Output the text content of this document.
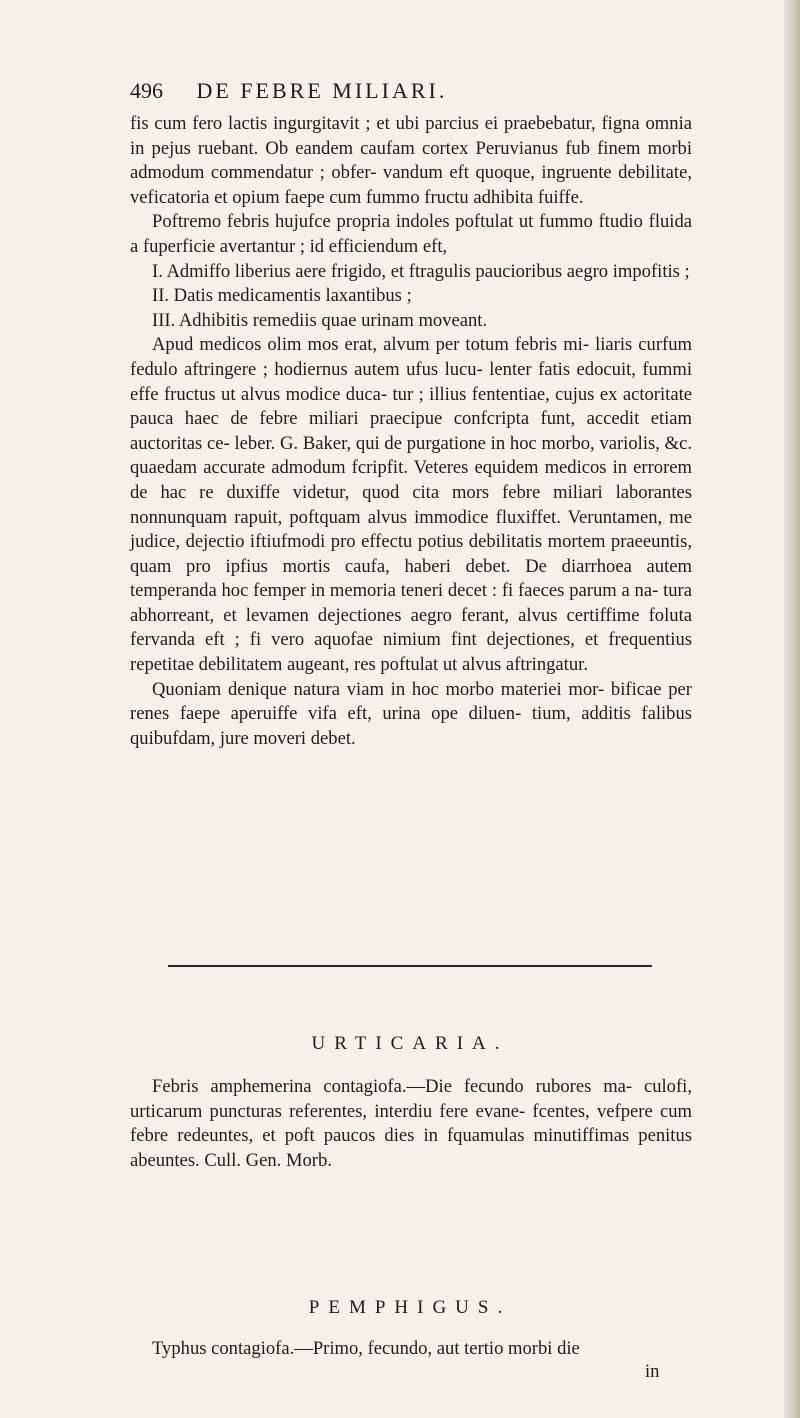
496 DE FEBRE MILIARI.

fis cum fero lactis ingurgitavit ; et ubi parcius ei praebebatur, figna omnia in pejus ruebant. Ob eandem caufam cortex Peruvianus fub finem morbi admodum commendatur ; obfer- vandum eft quoque, ingruente debilitate, veficatoria et opium faepe cum fummo fructu adhibita fuiffe.

Poftremo febris hujufce propria indoles poftulat ut fummo ftudio fluida a fuperficie avertantur ; id efficiendum eft,

I. Admiffo liberius aere frigido, et ftragulis paucioribus aegro impofitis ;

II. Datis medicamentis laxantibus ;

III. Adhibitis remediis quae urinam moveant.

Apud medicos olim mos erat, alvum per totum febris mi- liaris curfum fedulo aftringere ; hodiernus autem ufus lucu- lenter fatis edocuit, fummi effe fructus ut alvus modice duca- tur ; illius fententiae, cujus ex actoritate pauca haec de febre miliari praecipue confcripta funt, accedit etiam auctoritas ce- leber. G. Baker, qui de purgatione in hoc morbo, variolis, &c. quaedam accurate admodum fcripfit. Veteres equidem medicos in errorem de hac re duxiffe videtur, quod cita mors febre miliari laborantes nonnunquam rapuit, poftquam alvus immodice fluxiffet. Veruntamen, me judice, dejectio iftiufmodi pro effectu potius debilitatis mortem praeeuntis, quam pro ipfius mortis caufa, haberi debet. De diarrhoea autem temperanda hoc femper in memoria teneri decet : fi faeces parum a na- tura abhorreant, et levamen dejectiones aegro ferant, alvus certiffime foluta fervanda eft ; fi vero aquofae nimium fint dejectiones, et frequentius repetitae debilitatem augeant, res poftulat ut alvus aftringatur.

Quoniam denique natura viam in hoc morbo materiei mor- bificae per renes faepe aperuiffe vifa eft, urina ope diluen- tium, additis falibus quibufdam, jure moveri debet.

URTICARIA.

Febris amphemerina contagiofa.—Die fecundo rubores ma- culofi, urticarum puncturas referentes, interdiu fere evane- fcentes, vefpere cum febre redeuntes, et poft paucos dies in fquamulas minutiffimas penitus abeuntes. Cull. Gen. Morb.

PEMPHIGUS.

Typhus contagiofa.—Primo, fecundo, aut tertio morbi die

in
